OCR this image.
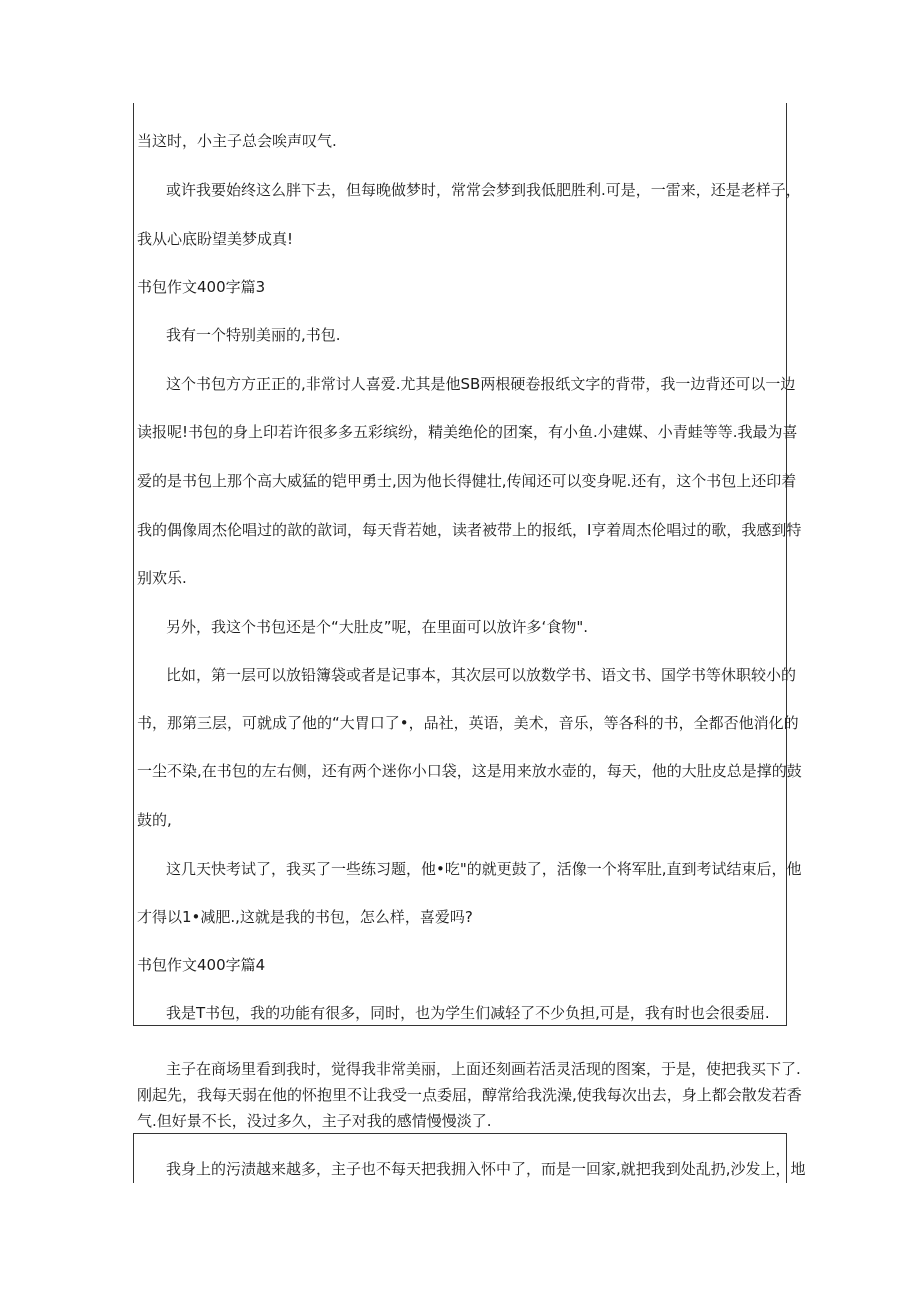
当这时，小主子总会唉声叹气.
或许我要始终这么胖下去，但每晚做梦时，常常会梦到我低肥胜利.可是，一雷来，还是老样子，
我从心底盼望美梦成真!
书包作文400字篇3
我有一个特别美丽的,书包.
这个书包方方正正的,非常讨人喜爱.尤其是他SB两根硬卷报纸文字的背带，我一边背还可以一边
读报呢!书包的身上印若许很多多五彩缤纷，精美绝伦的团案，有小鱼.小建媒、小青蛙等等.我最为喜
爱的是书包上那个高大威猛的铠甲勇士,因为他长得健壮,传闻还可以变身呢.还有，这个书包上还印着
我的偶像周杰伦唱过的歆的歆词，每天背若她，读者被带上的报纸，I亨着周杰伦唱过的歌，我感到特
别欢乐.
另外，我这个书包还是个“大肚皮”呢，在里面可以放许多‘食物".
比如，第一层可以放铅簿袋或者是记事本，其次层可以放数学书、语文书、国学书等休职较小的
书，那第三层，可就成了他的“大胃口了•，品社，英语，美术，音乐，等各科的书，全都否他消化的
一尘不染,在书包的左右侧，还有两个迷你小口袋，这是用来放水壶的，每天，他的大肚皮总是撑的鼓
鼓的,
这几天快考试了，我买了一些练习题，他•吃"的就更鼓了，活像一个将军肚,直到考试结束后，他
才得以1•减肥.,这就是我的书包，怎么样，喜爱吗?
书包作文400字篇4
我是T书包，我的功能有很多，同时，也为学生们减轻了不少负担,可是，我有时也会很委屈.
主子在商场里看到我时，觉得我非常美丽，上面还刻画若活灵活现的图案，于是，使把我买下了.
刚起先，我每天弱在他的怀抱里不让我受一点委屈，醇常给我洗澡,使我每次出去，身上都会散发若香
气.但好景不长，没过多久，主子对我的感情慢慢淡了.
我身上的污渍越来越多，主子也不每天把我拥入怀中了，而是一回家,就把我到处乱扔,沙发上，地
